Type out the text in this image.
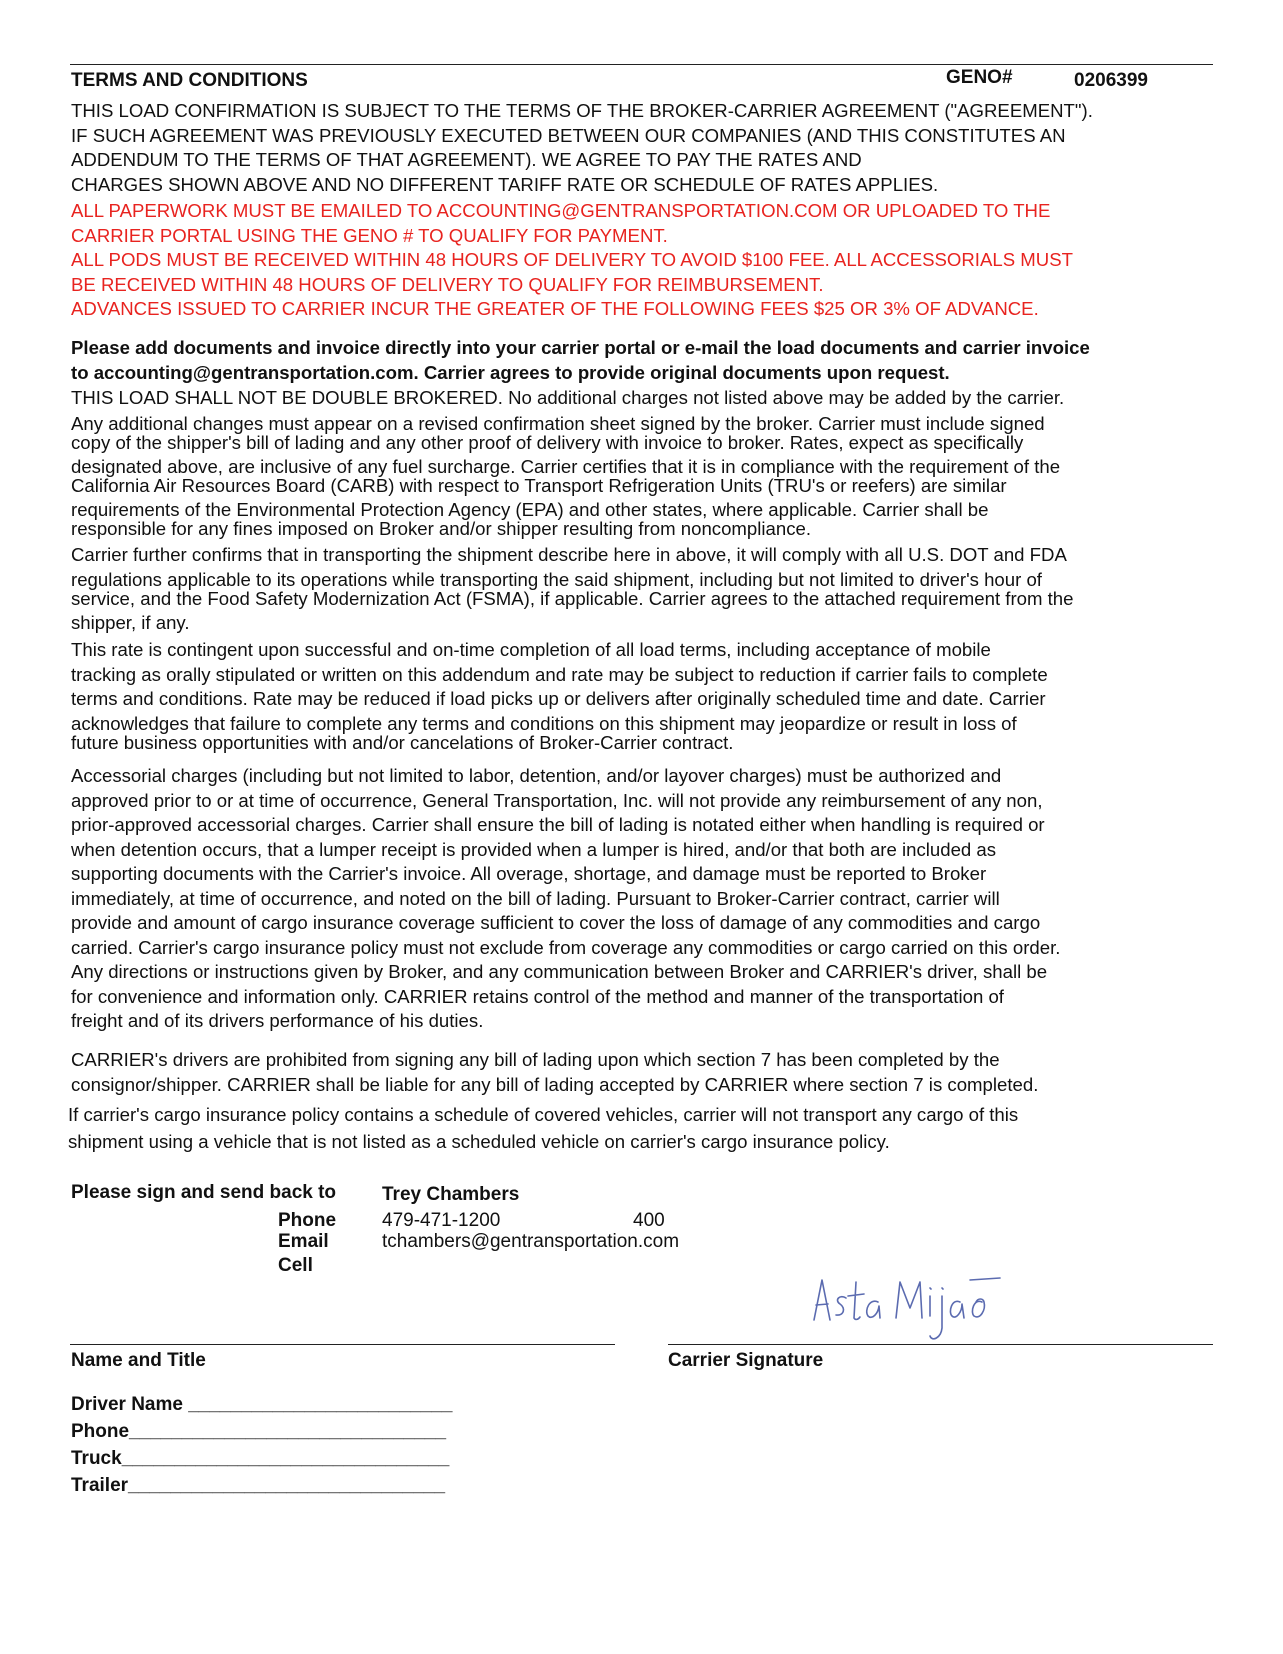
TERMS AND CONDITIONS	GENO#	0206399
THIS LOAD CONFIRMATION IS SUBJECT TO THE TERMS OF THE BROKER-CARRIER AGREEMENT ("AGREEMENT").
IF SUCH AGREEMENT WAS PREVIOUSLY EXECUTED BETWEEN OUR COMPANIES (AND THIS CONSTITUTES AN
ADDENDUM TO THE TERMS OF THAT AGREEMENT). WE AGREE TO PAY THE RATES AND
CHARGES SHOWN ABOVE AND NO DIFFERENT TARIFF RATE OR SCHEDULE OF RATES APPLIES.
ALL PAPERWORK MUST BE EMAILED TO ACCOUNTING@GENTRANSPORTATION.COM OR UPLOADED TO THE
CARRIER PORTAL USING THE GENO # TO QUALIFY FOR PAYMENT.
ALL PODS MUST BE RECEIVED WITHIN 48 HOURS OF DELIVERY TO AVOID $100 FEE. ALL ACCESSORIALS MUST
BE RECEIVED WITHIN 48 HOURS OF DELIVERY TO QUALIFY FOR REIMBURSEMENT.
ADVANCES ISSUED TO CARRIER INCUR THE GREATER OF THE FOLLOWING FEES $25 OR 3% OF ADVANCE.
Please add documents and invoice directly into your carrier portal or e-mail the load documents and carrier invoice
to accounting@gentransportation.com. Carrier agrees to provide original documents upon request.
THIS LOAD SHALL NOT BE DOUBLE BROKERED. No additional charges not listed above may be added by the carrier.
Any additional changes must appear on a revised confirmation sheet signed by the broker. Carrier must include signed
copy of the shipper's bill of lading and any other proof of delivery with invoice to broker. Rates, expect as specifically
designated above, are inclusive of any fuel surcharge. Carrier certifies that it is in compliance with the requirement of the
California Air Resources Board (CARB) with respect to Transport Refrigeration Units (TRU's or reefers) are similar
requirements of the Environmental Protection Agency (EPA) and other states, where applicable. Carrier shall be
responsible for any fines imposed on Broker and/or shipper resulting from noncompliance.
Carrier further confirms that in transporting the shipment describe here in above, it will comply with all U.S. DOT and FDA
regulations applicable to its operations while transporting the said shipment, including but not limited to driver's hour of
service, and the Food Safety Modernization Act (FSMA), if applicable. Carrier agrees to the attached requirement from the
shipper, if any.
This rate is contingent upon successful and on-time completion of all load terms, including acceptance of mobile
tracking as orally stipulated or written on this addendum and rate may be subject to reduction if carrier fails to complete
terms and conditions. Rate may be reduced if load picks up or delivers after originally scheduled time and date. Carrier
acknowledges that failure to complete any terms and conditions on this shipment may jeopardize or result in loss of
future business opportunities with and/or cancelations of Broker-Carrier contract.
Accessorial charges (including but not limited to labor, detention, and/or layover charges) must be authorized and
approved prior to or at time of occurrence, General Transportation, Inc. will not provide any reimbursement of any non,
prior-approved accessorial charges. Carrier shall ensure the bill of lading is notated either when handling is required or
when detention occurs, that a lumper receipt is provided when a lumper is hired, and/or that both are included as
supporting documents with the Carrier's invoice. All overage, shortage, and damage must be reported to Broker
immediately, at time of occurrence, and noted on the bill of lading. Pursuant to Broker-Carrier contract, carrier will
provide and amount of cargo insurance coverage sufficient to cover the loss of damage of any commodities and cargo
carried. Carrier's cargo insurance policy must not exclude from coverage any commodities or cargo carried on this order.
Any directions or instructions given by Broker, and any communication between Broker and CARRIER's driver, shall be
for convenience and information only. CARRIER retains control of the method and manner of the transportation of
freight and of its drivers performance of his duties.
CARRIER's drivers are prohibited from signing any bill of lading upon which section 7 has been completed by the
consignor/shipper. CARRIER shall be liable for any bill of lading accepted by CARRIER where section 7 is completed.
If carrier's cargo insurance policy contains a schedule of covered vehicles, carrier will not transport any cargo of this
shipment using a vehicle that is not listed as a scheduled vehicle on carrier's cargo insurance policy.
Please sign and send back to Trey Chambers
Phone 479-471-1200	400
Email	tchambers@gentransportation.com
Cell
Name and Title	Carrier Signature
Driver Name _________________________
Phone______________________________
Truck_______________________________
Trailer______________________________
